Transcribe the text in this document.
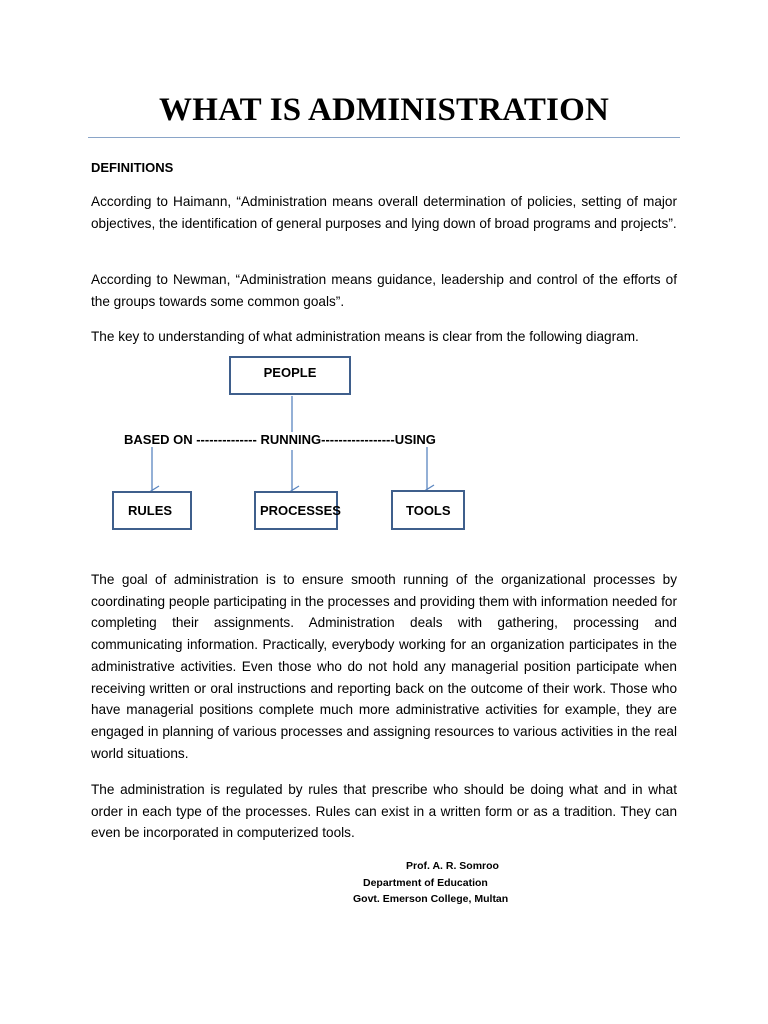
WHAT IS ADMINISTRATION
DEFINITIONS

According to Haimann, “Administration means overall determination of policies, setting of major objectives, the identification of general purposes and lying down of broad programs and projects”.

According to Newman, “Administration means guidance, leadership and control of the efforts of the groups towards some common goals”.

The key to understanding of what administration means is clear from the following diagram.

PEOPLE
BASED ON -------------- RUNNING-----------------USING
RULES	PROCESSES	TOOLS

The goal of administration is to ensure smooth running of the organizational processes by coordinating people participating in the processes and providing them with information needed for completing their assignments. Administration deals with gathering, processing and communicating information. Practically, everybody working for an organization participates in the administrative activities. Even those who do not hold any managerial position participate when receiving written or oral instructions and reporting back on the outcome of their work. Those who have managerial positions complete much more administrative activities for example, they are engaged in planning of various processes and assigning resources to various activities in the real world situations.

The administration is regulated by rules that prescribe who should be doing what and in what order in each type of the processes. Rules can exist in a written form or as a tradition. They can even be incorporated in computerized tools.

Prof. A. R. Somroo
Department of Education
Govt. Emerson College, Multan
